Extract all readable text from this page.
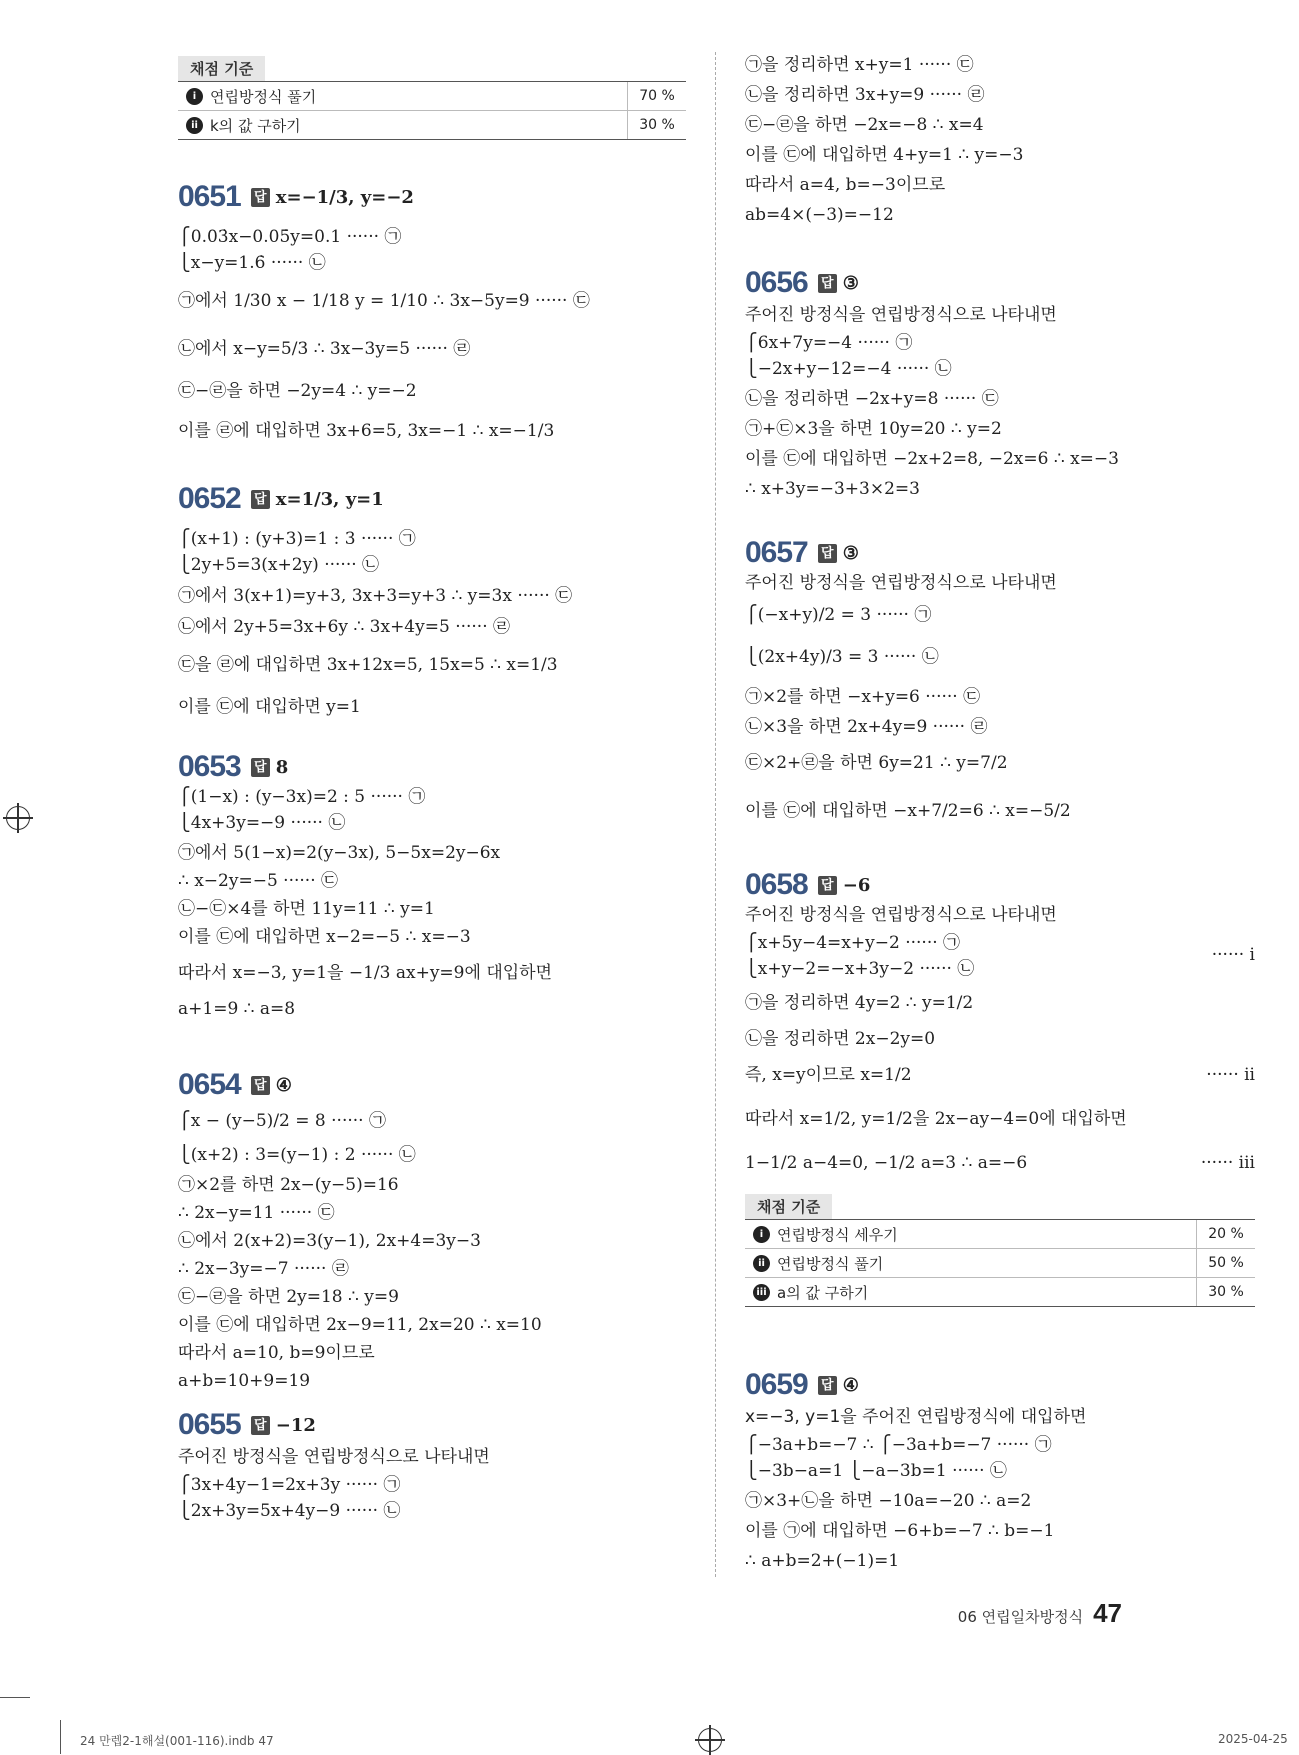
채점 기준
i 연립방정식 풀기	70 %
ii k의 값 구하기	30 %
0651 답 x=−1/3, y=−2
⎧0.03̇x−0.05̇y=0.1 ······ ㉠
⎩x−y=1.6̇ ······ ㉡
㉠에서 1/30 x − 1/18 y = 1/10 ∴ 3x−5y=9 ······ ㉢
㉡에서 x−y=5/3 ∴ 3x−3y=5 ······ ㉣
㉢−㉣을 하면 −2y=4 ∴ y=−2
이를 ㉣에 대입하면 3x+6=5, 3x=−1 ∴ x=−1/3
0652 답 x=1/3, y=1
⎧(x+1) : (y+3)=1 : 3 ······ ㉠
⎩2y+5=3(x+2y) ······ ㉡
㉠에서 3(x+1)=y+3, 3x+3=y+3 ∴ y=3x ······ ㉢
㉡에서 2y+5=3x+6y ∴ 3x+4y=5 ······ ㉣
㉢을 ㉣에 대입하면 3x+12x=5, 15x=5 ∴ x=1/3
이를 ㉢에 대입하면 y=1
0653 답 8
⎧(1−x) : (y−3x)=2 : 5 ······ ㉠
⎩4x+3y=−9 ······ ㉡
㉠에서 5(1−x)=2(y−3x), 5−5x=2y−6x
∴ x−2y=−5 ······ ㉢
㉡−㉢×4를 하면 11y=11 ∴ y=1
이를 ㉢에 대입하면 x−2=−5 ∴ x=−3
따라서 x=−3, y=1을 −1/3 ax+y=9에 대입하면
a+1=9 ∴ a=8
0654 답 ④
⎧x − (y−5)/2 = 8 ······ ㉠
⎩(x+2) : 3=(y−1) : 2 ······ ㉡
㉠×2를 하면 2x−(y−5)=16
∴ 2x−y=11 ······ ㉢
㉡에서 2(x+2)=3(y−1), 2x+4=3y−3
∴ 2x−3y=−7 ······ ㉣
㉢−㉣을 하면 2y=18 ∴ y=9
이를 ㉢에 대입하면 2x−9=11, 2x=20 ∴ x=10
따라서 a=10, b=9이므로
a+b=10+9=19
0655 답 −12
주어진 방정식을 연립방정식으로 나타내면
⎧3x+4y−1=2x+3y ······ ㉠
⎩2x+3y=5x+4y−9 ······ ㉡
㉠을 정리하면 x+y=1 ······ ㉢
㉡을 정리하면 3x+y=9 ······ ㉣
㉢−㉣을 하면 −2x=−8 ∴ x=4
이를 ㉢에 대입하면 4+y=1 ∴ y=−3
따라서 a=4, b=−3이므로
ab=4×(−3)=−12
0656 답 ③
주어진 방정식을 연립방정식으로 나타내면
⎧6x+7y=−4 ······ ㉠
⎩−2x+y−12=−4 ······ ㉡
㉡을 정리하면 −2x+y=8 ······ ㉢
㉠+㉢×3을 하면 10y=20 ∴ y=2
이를 ㉢에 대입하면 −2x+2=8, −2x=6 ∴ x=−3
∴ x+3y=−3+3×2=3
0657 답 ③
주어진 방정식을 연립방정식으로 나타내면
⎧(−x+y)/2 = 3 ······ ㉠
⎩(2x+4y)/3 = 3 ······ ㉡
㉠×2를 하면 −x+y=6 ······ ㉢
㉡×3을 하면 2x+4y=9 ······ ㉣
㉢×2+㉣을 하면 6y=21 ∴ y=7/2
이를 ㉢에 대입하면 −x+7/2=6 ∴ x=−5/2
0658 답 −6
주어진 방정식을 연립방정식으로 나타내면
⎧x+5y−4=x+y−2 ······ ㉠
⎩x+y−2=−x+3y−2 ······ ㉡
······ i
㉠을 정리하면 4y=2 ∴ y=1/2
㉡을 정리하면 2x−2y=0
즉, x=y이므로 x=1/2	······ ii
따라서 x=1/2, y=1/2을 2x−ay−4=0에 대입하면
1−1/2 a−4=0, −1/2 a=3 ∴ a=−6	······ iii
채점 기준
i 연립방정식 세우기	20 %
ii 연립방정식 풀기	50 %
iii a의 값 구하기	30 %
0659 답 ④
x=−3, y=1을 주어진 연립방정식에 대입하면
⎧−3a+b=−7 ∴ ⎧−3a+b=−7 ······ ㉠
⎩−3b−a=1 ⎩−a−3b=1 ······ ㉡
㉠×3+㉡을 하면 −10a=−20 ∴ a=2
이를 ㉠에 대입하면 −6+b=−7 ∴ b=−1
∴ a+b=2+(−1)=1
06 연립일차방정식 47
24 만렙2-1해설(001-116).indb 47	2025-04-25
